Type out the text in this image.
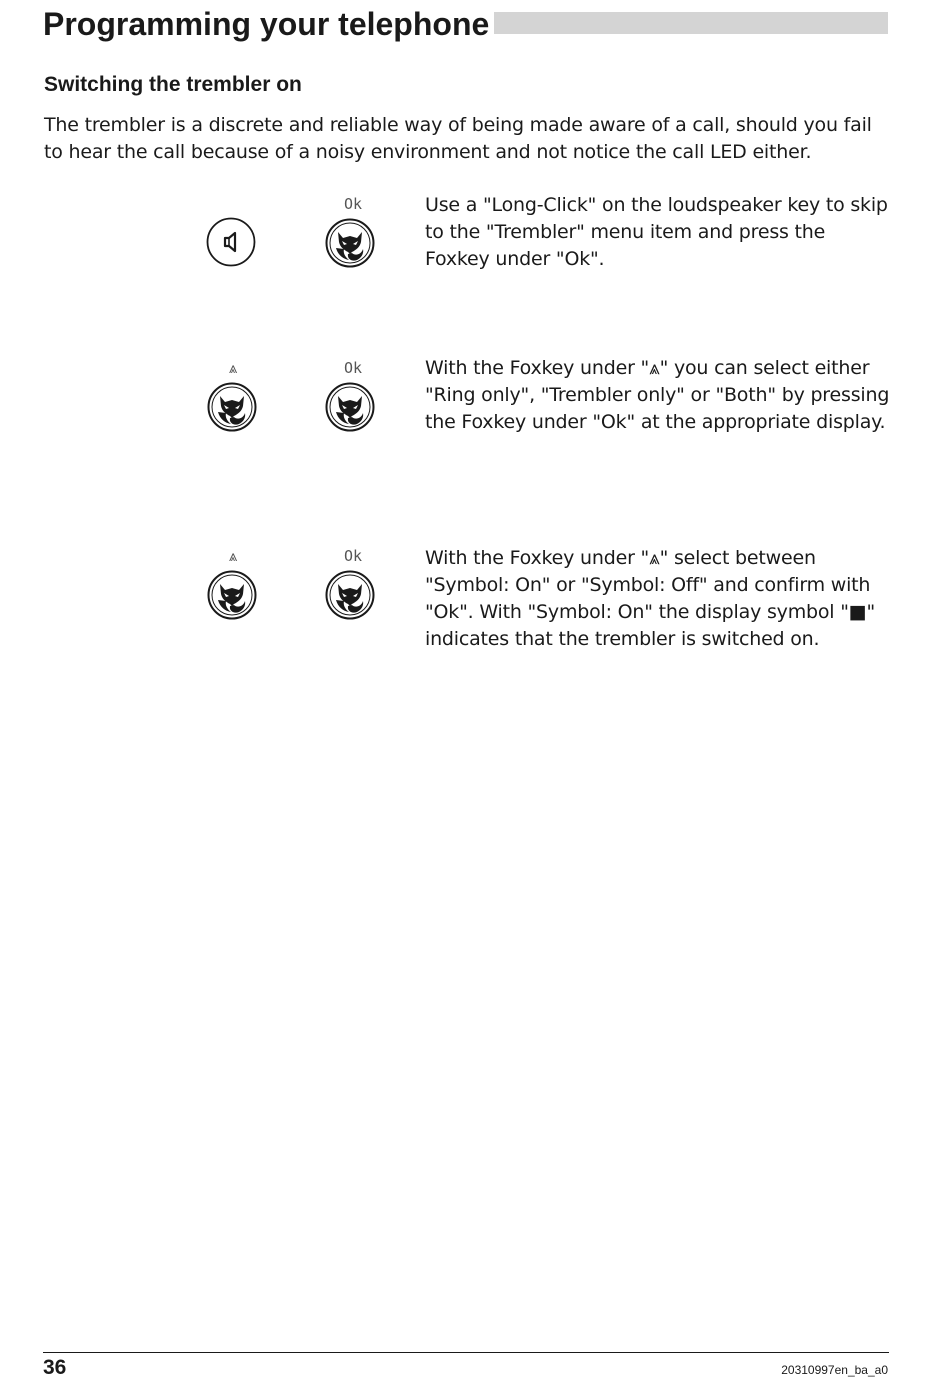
Programming your telephone
Switching the trembler on
The trembler is a discrete and reliable way of being made aware of a call, should you fail to hear the call because of a noisy environment and not notice the call LED either.
Ok	Use a "Long-Click" on the loudspeaker key to skip to the "Trembler" menu item and press the Foxkey under "Ok".
⩓	Ok	With the Foxkey under "⩓" you can select either "Ring only", "Trembler only" or "Both" by pressing the Foxkey under "Ok" at the appropriate display.
⩓	Ok	With the Foxkey under "⩓" select between "Symbol: On" or "Symbol: Off" and confirm with "Ok". With "Symbol: On" the display symbol "■" indicates that the trembler is switched on.
36	20310997en_ba_a0
